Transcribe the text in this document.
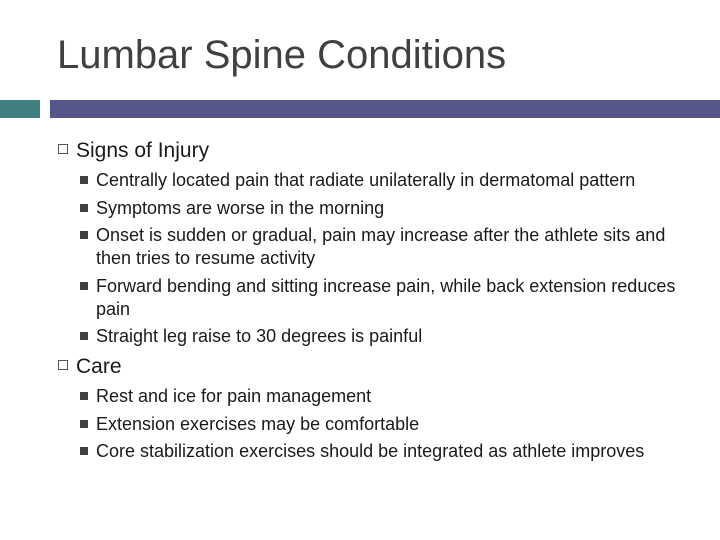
Lumbar Spine Conditions
Signs of Injury
Centrally located pain that radiate unilaterally in dermatomal pattern
Symptoms are worse in the morning
Onset is sudden or gradual, pain may increase after the athlete sits and then tries to resume activity
Forward bending and sitting increase pain, while back extension reduces pain
Straight leg raise to 30 degrees is painful
Care
Rest and ice for pain management
Extension exercises may be comfortable
Core stabilization exercises should be integrated as athlete improves
